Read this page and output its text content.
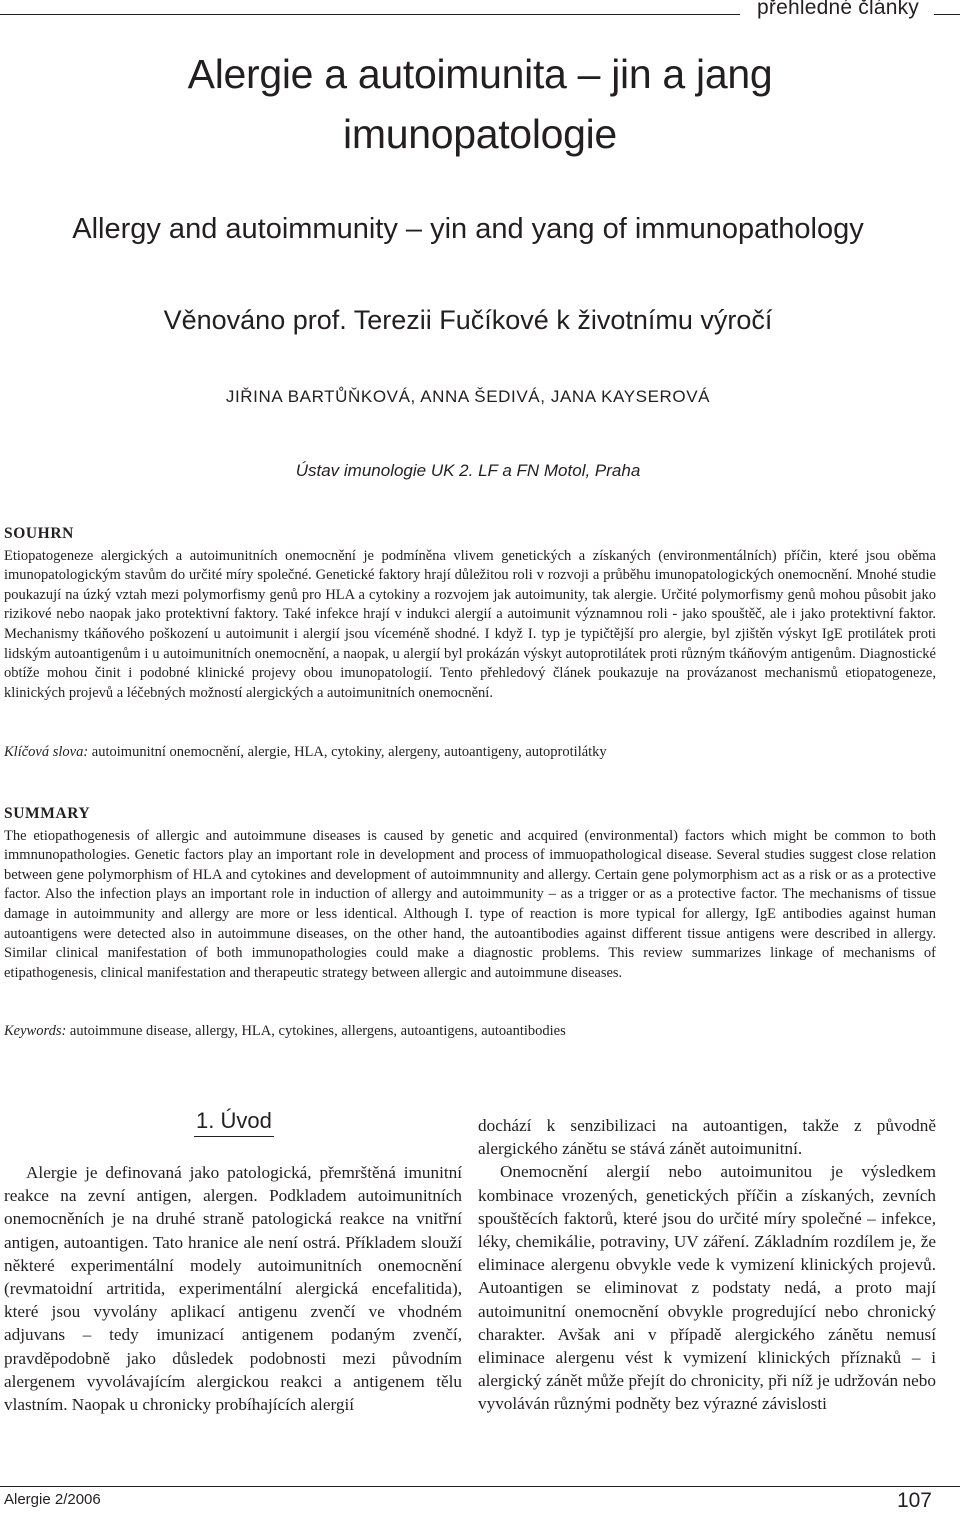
přehledné články
Alergie a autoimunita – jin a jang
imunopatologie
Allergy and autoimmunity – yin and yang of immunopathology
Věnováno prof. Terezii Fučíkové k životnímu výročí
JIŘINA BARTŮŇKOVÁ, ANNA ŠEDIVÁ, JANA KAYSEROVÁ
Ústav imunologie UK 2. LF a FN Motol, Praha
SOUHRN

Etiopatogeneze alergických a autoimunitních onemocnění je podmíněna vlivem genetických a získaných (environmentálních) příčin, které jsou oběma imunopatologickým stavům do určité míry společné. Genetické faktory hrají důležitou roli v rozvoji a průběhu imunopatologických onemocnění. Mnohé studie poukazují na úzký vztah mezi polymorfismy genů pro HLA a cytokiny a rozvojem jak autoimunity, tak alergie. Určité polymorfismy genů mohou působit jako rizikové nebo naopak jako protektivní faktory. Také infekce hrají v indukci alergií a autoimunit významnou roli - jako spouštěč, ale i jako protektivní faktor. Mechanismy tkáňového poškození u autoimunit i alergií jsou víceméně shodné. I když I. typ je typičtější pro alergie, byl zjištěn výskyt IgE protilátek proti lidským autoantigenům i u autoimunitních onemocnění, a naopak, u alergií byl prokázán výskyt autoprotilátek proti různým tkáňovým antigenům. Diagnostické obtíže mohou činit i podobné klinické projevy obou imunopatologií. Tento přehledový článek poukazuje na provázanost mechanismů etiopatogeneze, klinických projevů a léčebných možností alergických a autoimunitních onemocnění.

Klíčová slova: autoimunitní onemocnění, alergie, HLA, cytokiny, alergeny, autoantigeny, autoprotilátky
SUMMARY

The etiopathogenesis of allergic and autoimmune diseases is caused by genetic and acquired (environmental) factors which might be common to both immnunopathologies. Genetic factors play an important role in development and process of immuopathological disease. Several studies suggest close relation between gene polymorphism of HLA and cytokines and development of autoimmnunity and allergy. Certain gene polymorphism act as a risk or as a protective factor. Also the infection plays an important role in induction of allergy and autoimmunity – as a trigger or as a protective factor. The mechanisms of tissue damage in autoimmunity and allergy are more or less identical. Although I. type of reaction is more typical for allergy, IgE antibodies against human autoantigens were detected also in autoimmune diseases, on the other hand, the autoantibodies against different tissue antigens were described in allergy. Similar clinical manifestation of both immunopathologies could make a diagnostic problems. This review summarizes linkage of mechanisms of etipathogenesis, clinical manifestation and therapeutic strategy between allergic and autoimmune diseases.

Keywords: autoimmune disease, allergy, HLA, cytokines, allergens, autoantigens, autoantibodies
1. Úvod

Alergie je definovaná jako patologická, přemrštěná imunitní reakce na zevní antigen, alergen. Podkladem autoimunitních onemocněních je na druhé straně patologická reakce na vnitřní antigen, autoantigen. Tato hranice ale není ostrá. Příkladem slouží některé experimentální modely autoimunitních onemocnění (revmatoidní artritida, experimentální alergická encefalitida), které jsou vyvolány aplikací antigenu zvenčí ve vhodném adjuvans – tedy imunizací antigenem podaným zvenčí, pravděpodobně jako důsledek podobnosti mezi původním alergenem vyvolávajícím alergickou reakci a antigenem tělu vlastním. Naopak u chronicky probíhajících alergií

dochází k senzibilizaci na autoantigen, takže z původně alergického zánětu se stává zánět autoimunitní.

Onemocnění alergií nebo autoimunitou je výsledkem kombinace vrozených, genetických příčin a získaných, zevních spouštěcích faktorů, které jsou do určité míry společné – infekce, léky, chemikálie, potraviny, UV záření. Základním rozdílem je, že eliminace alergenu obvykle vede k vymizení klinických projevů. Autoantigen se eliminovat z podstaty nedá, a proto mají autoimunitní onemocnění obvykle progredující nebo chronický charakter. Avšak ani v případě alergického zánětu nemusí eliminace alergenu vést k vymizení klinických příznaků – i alergický zánět může přejít do chronicity, při níž je udržován nebo vyvoláván různými podněty bez výrazné závislosti

Alergie 2/2006	107
